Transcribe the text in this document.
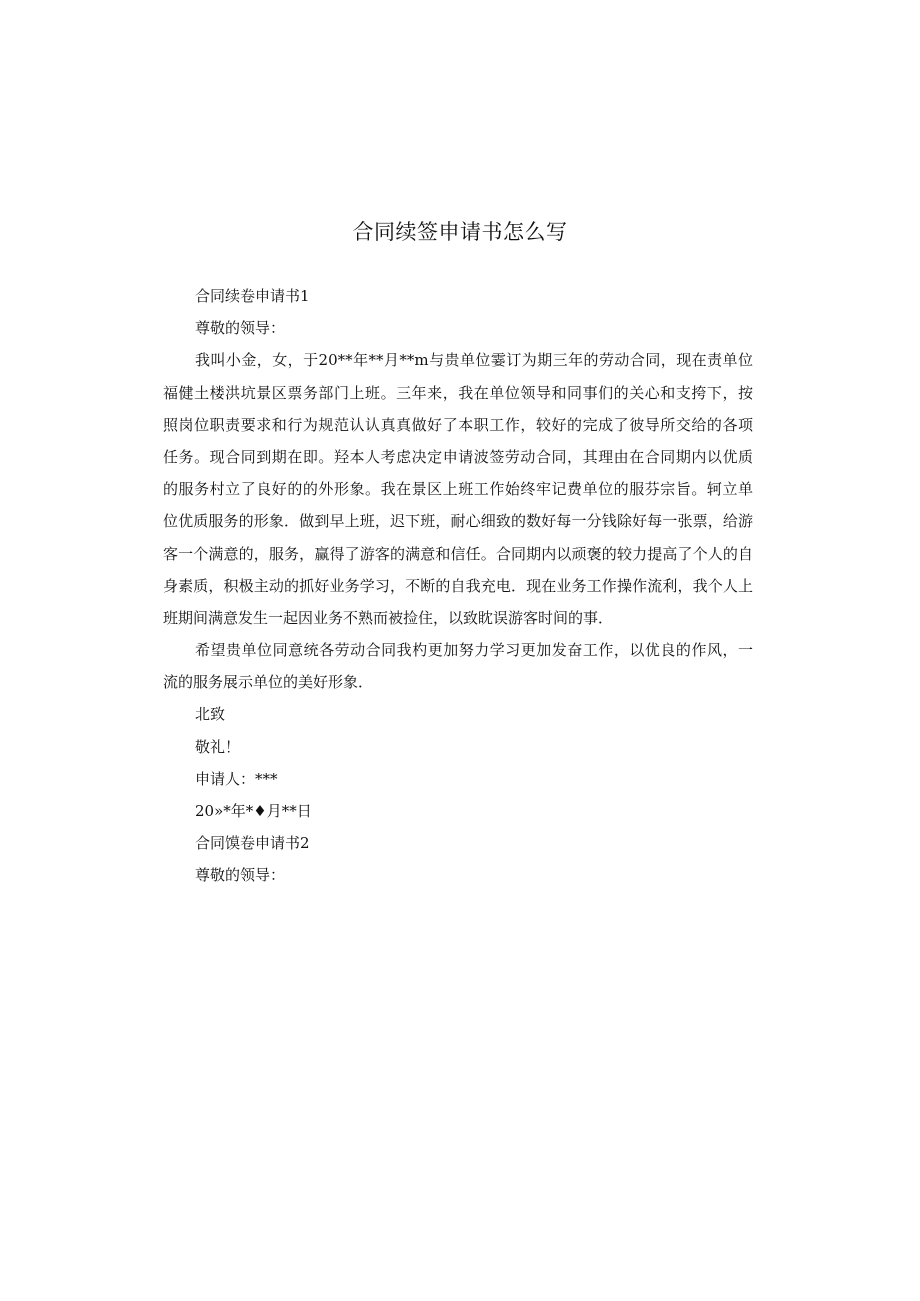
合同续签申请书怎么写
合同续卷申请书1
尊敬的领导：
我叫小金，女，于20**年**月**m与贵单位霎订为期三年的劳动合同，现在责单位
福健土楼洪坑景区票务部门上班。三年来，我在单位领导和同事们的关心和支挎下，按
照岗位职责要求和行为规范认认真真做好了本职工作，较好的完成了彼导所交给的各项
任务。现合同到期在即。羟本人考虑决定申请波签劳动合同，其理由在合同期内以优质
的服务村立了良好的的外形象。我在景区上班工作始终牢记费单位的服芬宗旨。轲立单
位优质服务的形象．做到早上班，迟下班，耐心细致的数好每一分钱除好每一张票，给游
客一个满意的，服务，赢得了游客的满意和信任。合同期内以顽褒的较力提高了个人的自
身素质，积极主动的抓好业务学习，不断的自我充电．现在业务工作操作流利，我个人上
班期间满意发生一起因业务不熟而被捡住，以致眈误游客时间的事．
希望贵单位同意统各劳动合同我杓更加努力学习更加发奋工作，以优良的作风，一
流的服务展示单位的美好形象．
北致
敬礼！
申请人：***
20»*年*♦月**日
合同馍卷申请书2
尊敬的领导：
